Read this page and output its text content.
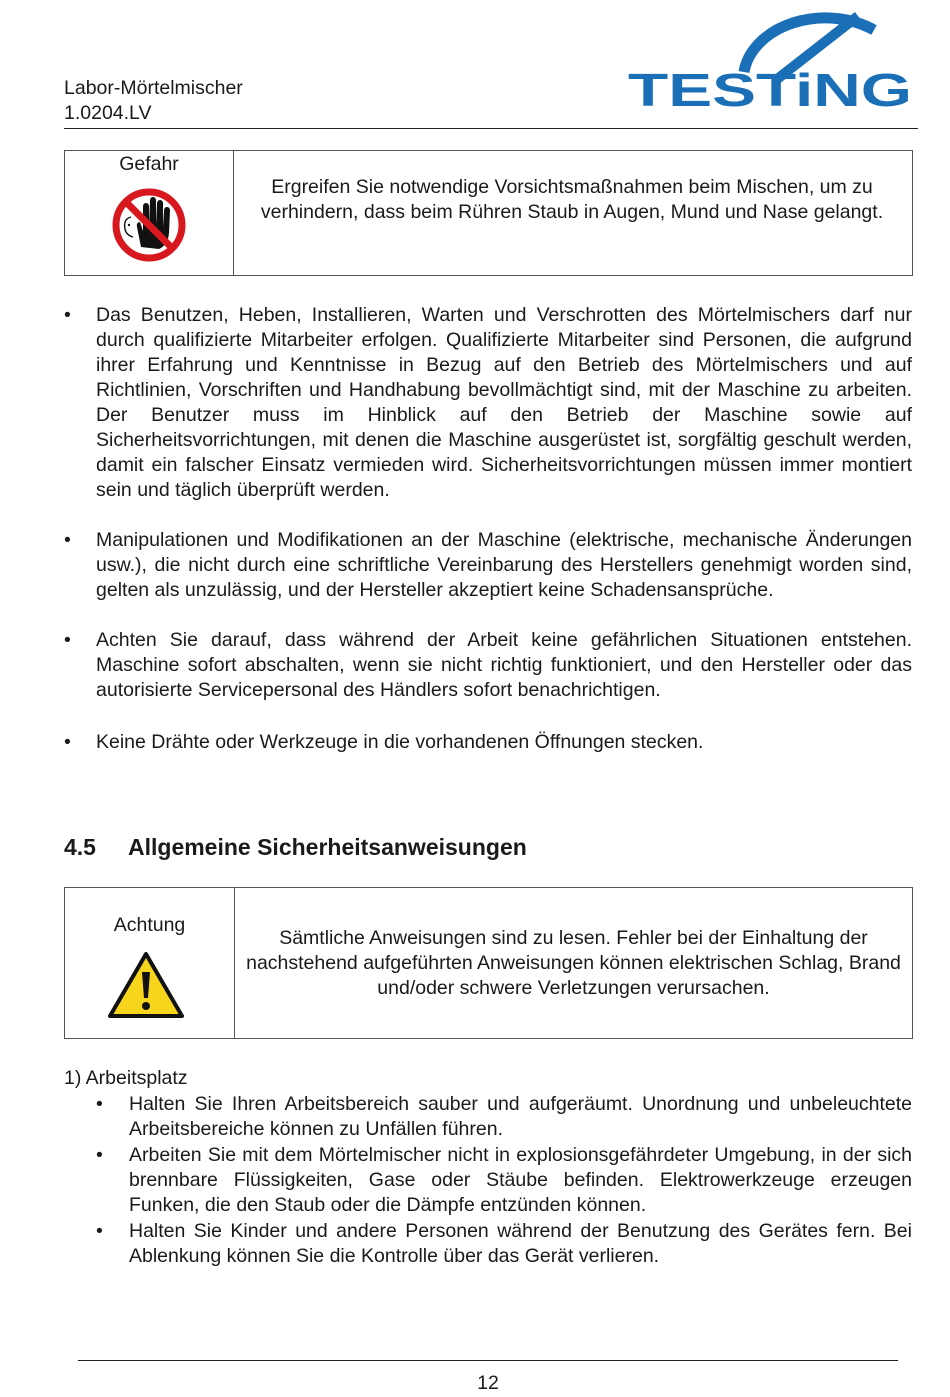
Labor-Mörtelmischer
1.0204.LV	TESTiNG
Gefahr
Ergreifen Sie notwendige Vorsichtsmaßnahmen beim Mischen, um zu verhindern, dass beim Rühren Staub in Augen, Mund und Nase gelangt.
• Das Benutzen, Heben, Installieren, Warten und Verschrotten des Mörtelmischers darf nur durch qualifizierte Mitarbeiter erfolgen. Qualifizierte Mitarbeiter sind Personen, die aufgrund ihrer Erfahrung und Kenntnisse in Bezug auf den Betrieb des Mörtelmischers und auf Richtlinien, Vorschriften und Handhabung bevollmächtigt sind, mit der Maschine zu arbeiten. Der Benutzer muss im Hinblick auf den Betrieb der Maschine sowie auf Sicherheitsvorrichtungen, mit denen die Maschine ausgerüstet ist, sorgfältig geschult werden, damit ein falscher Einsatz vermieden wird. Sicherheitsvorrichtungen müssen immer montiert sein und täglich überprüft werden.
• Manipulationen und Modifikationen an der Maschine (elektrische, mechanische Änderungen usw.), die nicht durch eine schriftliche Vereinbarung des Herstellers genehmigt worden sind, gelten als unzulässig, und der Hersteller akzeptiert keine Schadensansprüche.
• Achten Sie darauf, dass während der Arbeit keine gefährlichen Situationen entstehen. Maschine sofort abschalten, wenn sie nicht richtig funktioniert, und den Hersteller oder das autorisierte Servicepersonal des Händlers sofort benachrichtigen.
• Keine Drähte oder Werkzeuge in die vorhandenen Öffnungen stecken.
4.5 Allgemeine Sicherheitsanweisungen
Achtung
Sämtliche Anweisungen sind zu lesen. Fehler bei der Einhaltung der nachstehend aufgeführten Anweisungen können elektrischen Schlag, Brand und/oder schwere Verletzungen verursachen.
1) Arbeitsplatz
• Halten Sie Ihren Arbeitsbereich sauber und aufgeräumt. Unordnung und unbeleuchtete Arbeitsbereiche können zu Unfällen führen.
• Arbeiten Sie mit dem Mörtelmischer nicht in explosionsgefährdeter Umgebung, in der sich brennbare Flüssigkeiten, Gase oder Stäube befinden. Elektrowerkzeuge erzeugen Funken, die den Staub oder die Dämpfe entzünden können.
• Halten Sie Kinder und andere Personen während der Benutzung des Gerätes fern. Bei Ablenkung können Sie die Kontrolle über das Gerät verlieren.
12
